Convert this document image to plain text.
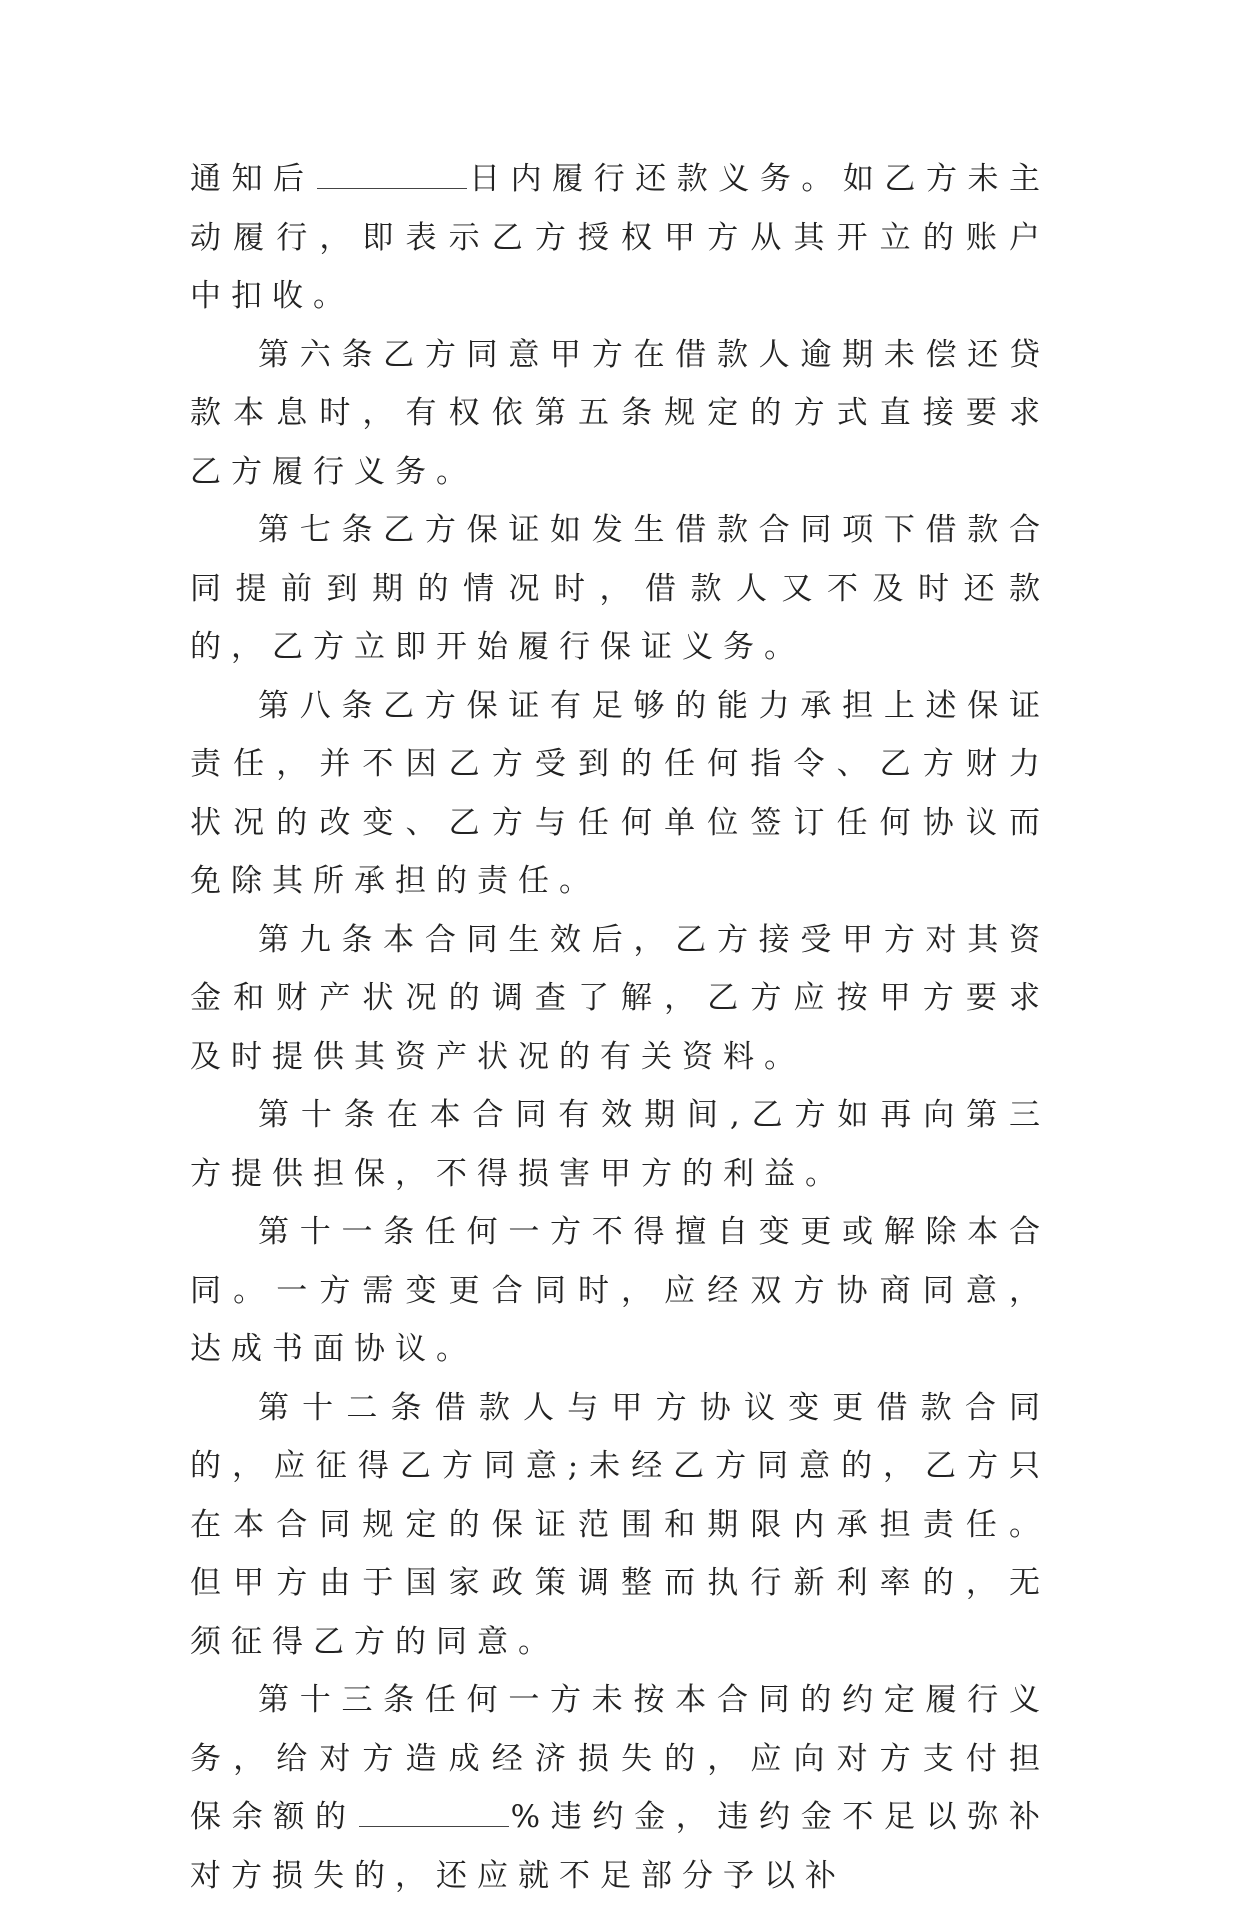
通知后	日内履行还款义务。如乙方未主动履行，即表示乙方授权甲方从其开立的账户中扣收。

第六条乙方同意甲方在借款人逾期未偿还贷款本息时，有权依第五条规定的方式直接要求乙方履行义务。

第七条乙方保证如发生借款合同项下借款合同提前到期的情况时，借款人又不及时还款的，乙方立即开始履行保证义务。

第八条乙方保证有足够的能力承担上述保证责任，并不因乙方受到的任何指令、乙方财力状况的改变、乙方与任何单位签订任何协议而免除其所承担的责任。

第九条本合同生效后，乙方接受甲方对其资金和财产状况的调查了解，乙方应按甲方要求及时提供其资产状况的有关资料。

第十条在本合同有效期间,乙方如再向第三方提供担保，不得损害甲方的利益。

第十一条任何一方不得擅自变更或解除本合同。一方需变更合同时，应经双方协商同意，达成书面协议。

第十二条借款人与甲方协议变更借款合同的，应征得乙方同意;未经乙方同意的，乙方只在本合同规定的保证范围和期限内承担责任。但甲方由于国家政策调整而执行新利率的，无须征得乙方的同意。

第十三条任何一方未按本合同的约定履行义务，给对方造成经济损失的，应向对方支付担保余额的	%违约金，违约金不足以弥补对方损失的，还应就不足部分予以补
